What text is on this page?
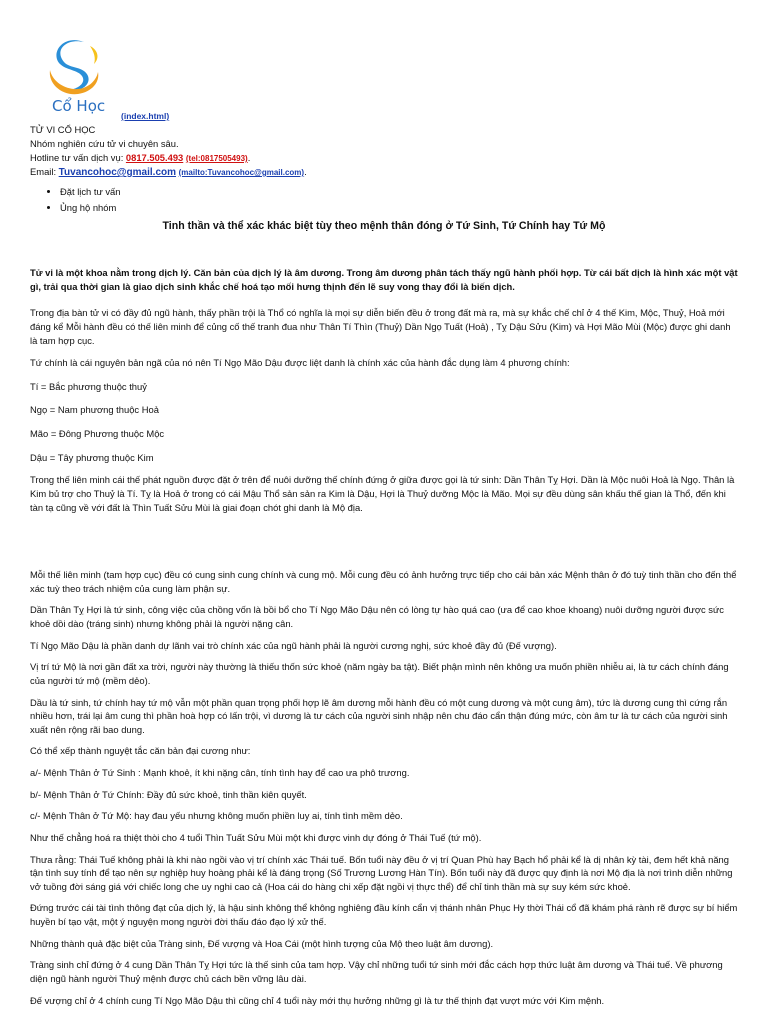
Cổ Học
(index.html)
TỬ VI CỔ HỌC
Nhóm nghiên cứu tử vi chuyên sâu.
Hotline tư vấn dịch vụ: 0817.505.493 (tel:0817505493).
Email: Tuvancohoc@gmail.com (mailto:Tuvancohoc@gmail.com).
• Đặt lịch tư vấn
• Ủng hộ nhóm
Tinh thần và thể xác khác biệt tùy theo mệnh thân đóng ở Tứ Sinh, Tứ Chính hay Tứ Mộ

Tử vi là một khoa nằm trong dịch lý. Căn bản của dịch lý là âm dương. Trong âm dương phân tách thấy ngũ hành phối hợp. Từ cái bất dịch là hình xác một vật gì, trải qua thời gian là giao dịch sinh khắc chế hoá tạo mối hưng thịnh đến lẽ suy vong thay đổi là biến dịch.

Trong địa bàn tử vi có đầy đủ ngũ hành, thấy phần trội là Thổ có nghĩa là mọi sự diễn biến đều ở trong đất mà ra, mà sự khắc chế chỉ ở 4 thế Kim, Mộc, Thuỷ, Hoả mới đáng kể Mỗi hành đều có thế liên minh để củng cố thế tranh đua như Thân Tí Thìn (Thuỷ) Dần Ngọ Tuất (Hoả) , Tỵ Dậu Sửu (Kim) và Hợi Mão Mùi (Mộc) được ghi danh là tam hợp cục.

Tứ chính là cái nguyên bản ngã của nó nên Tí Ngọ Mão Dậu được liệt danh là chính xác của hành đắc dụng làm 4 phương chính:

Tí = Bắc phương thuộc thuỷ

Ngọ = Nam phương thuộc Hoả

Mão = Đông Phương thuộc Mộc

Dậu = Tây phương thuộc Kim

Trong thế liên minh cái thế phát nguồn được đặt ở trên để nuôi dưỡng thế chính đứng ở giữa được gọi là tứ sinh: Dần Thân Tỵ Hợi. Dần là Mộc nuôi Hoả là Ngọ. Thân là Kim bủ trợ cho Thuỷ là Tí. Tỵ là Hoả ở trong có cái Mậu Thổ sản sản ra Kim là Dậu, Hợi là Thuỷ dưỡng Mộc là Mão. Mọi sự đều dùng sân khấu thế gian là Thổ, đến khi tàn tạ cũng về với đất là Thìn Tuất Sửu Mùi là giai đoạn chót ghi danh là Mộ địa.

Mỗi thế liên minh (tam hợp cục) đều có cung sinh cung chính và cung mộ. Mỗi cung đều có ảnh hưởng trực tiếp cho cái bản xác Mệnh thân ở đó tuỳ tinh thần cho đến thể xác tuỳ theo trách nhiệm của cung làm phận sự.

Dần Thân Tỵ Hợi là tứ sinh, công việc của chồng vốn là bồi bổ cho Tí Ngọ Mão Dậu nên có lòng tự hào quá cao (ưa để cao khoe khoang) nuôi dưỡng người được sức khoẻ dồi dào (tráng sinh) nhưng không phải là người nặng cân.

Tí Ngọ Mão Dậu là phần danh dự lãnh vai trò chính xác của ngũ hành phải là người cương nghị, sức khoẻ đầy đủ (Đế vượng).

Vị trí tứ Mộ là nơi gần đất xa trời, người này thường là thiếu thốn sức khoẻ (năm ngày ba tật). Biết phận mình nên không ưa muốn phiền nhiễu ai, là tư cách chính đáng của người tứ mộ (mềm dẻo).

Dầu là tứ sinh, tứ chính hay tứ mộ vẫn một phần quan trọng phối hợp lẽ âm dương mỗi hành đều có một cung dương và một cung âm), tức là dương cung thì cứng rắn nhiều hơn, trái lại âm cung thì phần hoà hợp có lấn trội, vì dương là tư cách của người sinh nhập nên chu đáo cẩn thận đúng mức, còn âm tư là tư cách của người sinh xuất nên rộng rãi bao dung.

Có thể xếp thành nguyệt tắc căn bản đại cương như:

a/- Mệnh Thân ở Tứ Sinh : Mạnh khoẻ, ít khi nặng cân, tính tình hay để cao ưa phô trương.

b/- Mệnh Thân ở Tứ Chính: Đầy đủ sức khoẻ, tinh thần kiên quyết.

c/- Mệnh Thân ở Tứ Mộ: hay đau yếu nhưng không muốn phiền luy ai, tính tình mềm dẻo.

Như thế chẳng hoá ra thiệt thòi cho 4 tuổi Thìn Tuất Sửu Mùi một khi được vinh dự đóng ở Thái Tuế (tứ mộ).

Thưa rằng: Thái Tuế không phải là khi nào ngồi vào vị trí chính xác Thái tuế. Bốn tuổi này đều ở vị trí Quan Phù hay Bạch hổ phải kể là dị nhân kỳ tài, đem hết khả năng tận tình suy tính để tạo nên sự nghiệp huy hoàng phải kể là đáng trọng (Số Trương Lương Hàn Tín). Bốn tuổi này đã được quy định là nơi Mộ địa là nơi trình diễn những vở tuồng đời sáng giá với chiếc long che uy nghi cao cả (Hoa cái do hàng chi xếp đặt ngồi vị thực thể) để chỉ tinh thần mà sự suy kém sức khoẻ.

Đứng trước cái tài tình thông đạt của dịch lý, là hậu sinh không thể không nghiêng đầu kính cẩn vị thánh nhân Phục Hy thời Thái cổ đã khám phá rành rẽ được sự bí hiểm huyền bí tạo vật, một ý nguyện mong người đời thấu đáo đạo lý xử thế.

Những thành quả đặc biệt của Tràng sinh, Đế vượng và Hoa Cái (một hình tượng của Mộ theo luật âm dương).

Tràng sinh chỉ đứng ở 4 cung Dần Thân Tỵ Hợi tức là thế sinh của tam hợp. Vậy chỉ những tuổi tứ sinh mới đắc cách hợp thức luật âm dương và Thái tuế. Về phương diện ngũ hành người Thuỷ mệnh được chủ cách bền vững lâu dài.

Đế vượng chỉ ở 4 chính cung Tí Ngọ Mão Dậu thì cũng chỉ 4 tuổi này mới thụ hưởng những gì là tư thế thịnh đạt vượt mức với Kim mệnh.
